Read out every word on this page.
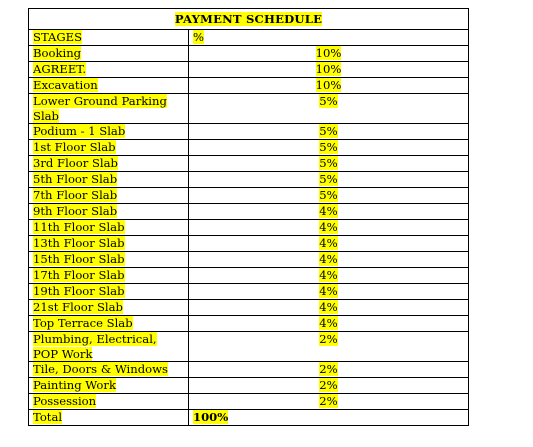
PAYMENT SCHEDULE	
STAGES	%
Booking	10%
AGREET.	10%
Excavation	10%
Lower Ground Parking Slab	5%
Podium - 1 Slab	5%
1st Floor Slab	5%
3rd Floor Slab	5%
5th Floor Slab	5%
7th Floor Slab	5%
9th Floor Slab	4%
11th Floor Slab	4%
13th Floor Slab	4%
15th Floor Slab	4%
17th Floor Slab	4%
19th Floor Slab	4%
21st Floor Slab	4%
Top Terrace Slab	4%
Plumbing, Electrical, POP Work	2%
Tile, Doors & Windows	2%
Painting Work	2%
Possession	2%
Total	100%
